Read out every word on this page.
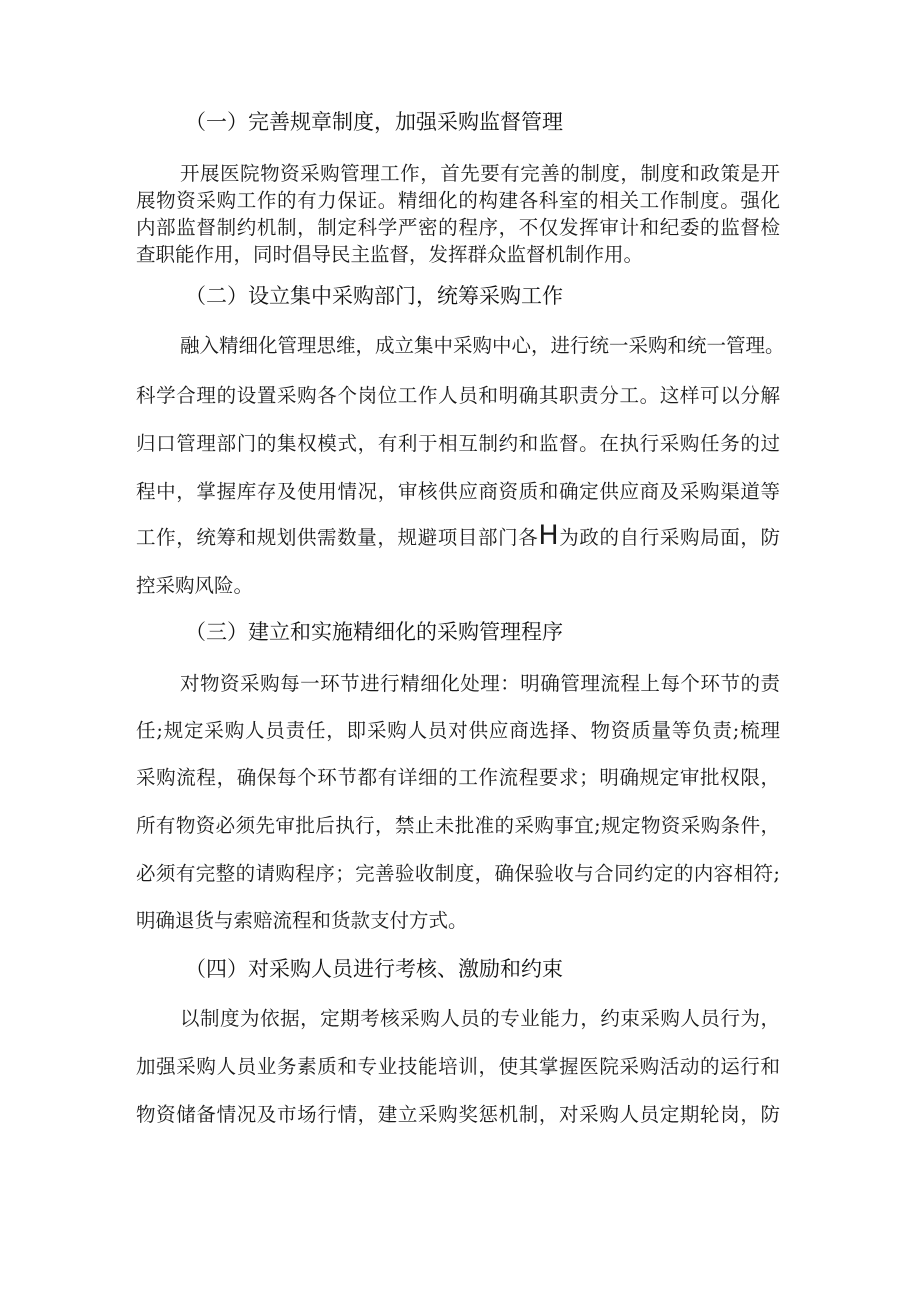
（一）完善规章制度，加强采购监督管理
开展医院物资采购管理工作，首先要有完善的制度，制度和政策是开
展物资采购工作的有力保证。精细化的构建各科室的相关工作制度。强化
内部监督制约机制，制定科学严密的程序，不仅发挥审计和纪委的监督检
查职能作用，同时倡导民主监督，发挥群众监督机制作用。
（二）设立集中采购部门，统筹采购工作
融入精细化管理思维，成立集中采购中心，进行统一采购和统一管理。
科学合理的设置采购各个岗位工作人员和明确其职责分工。这样可以分解
归口管理部门的集权模式，有利于相互制约和监督。在执行采购任务的过
程中，掌握库存及使用情况，审核供应商资质和确定供应商及采购渠道等
工作，统筹和规划供需数量，规避项目部门各H为政的自行采购局面，防
控采购风险。
（三）建立和实施精细化的采购管理程序
对物资采购每一环节进行精细化处理：明确管理流程上每个环节的责
任;规定采购人员责任，即采购人员对供应商选择、物资质量等负责;梳理
采购流程，确保每个环节都有详细的工作流程要求；明确规定审批权限，
所有物资必须先审批后执行，禁止未批准的采购事宜;规定物资采购条件，
必须有完整的请购程序；完善验收制度，确保验收与合同约定的内容相符;
明确退货与索赔流程和货款支付方式。
（四）对采购人员进行考核、激励和约束
以制度为依据，定期考核采购人员的专业能力，约束采购人员行为，
加强采购人员业务素质和专业技能培训，使其掌握医院采购活动的运行和
物资储备情况及市场行情，建立采购奖惩机制，对采购人员定期轮岗，防
